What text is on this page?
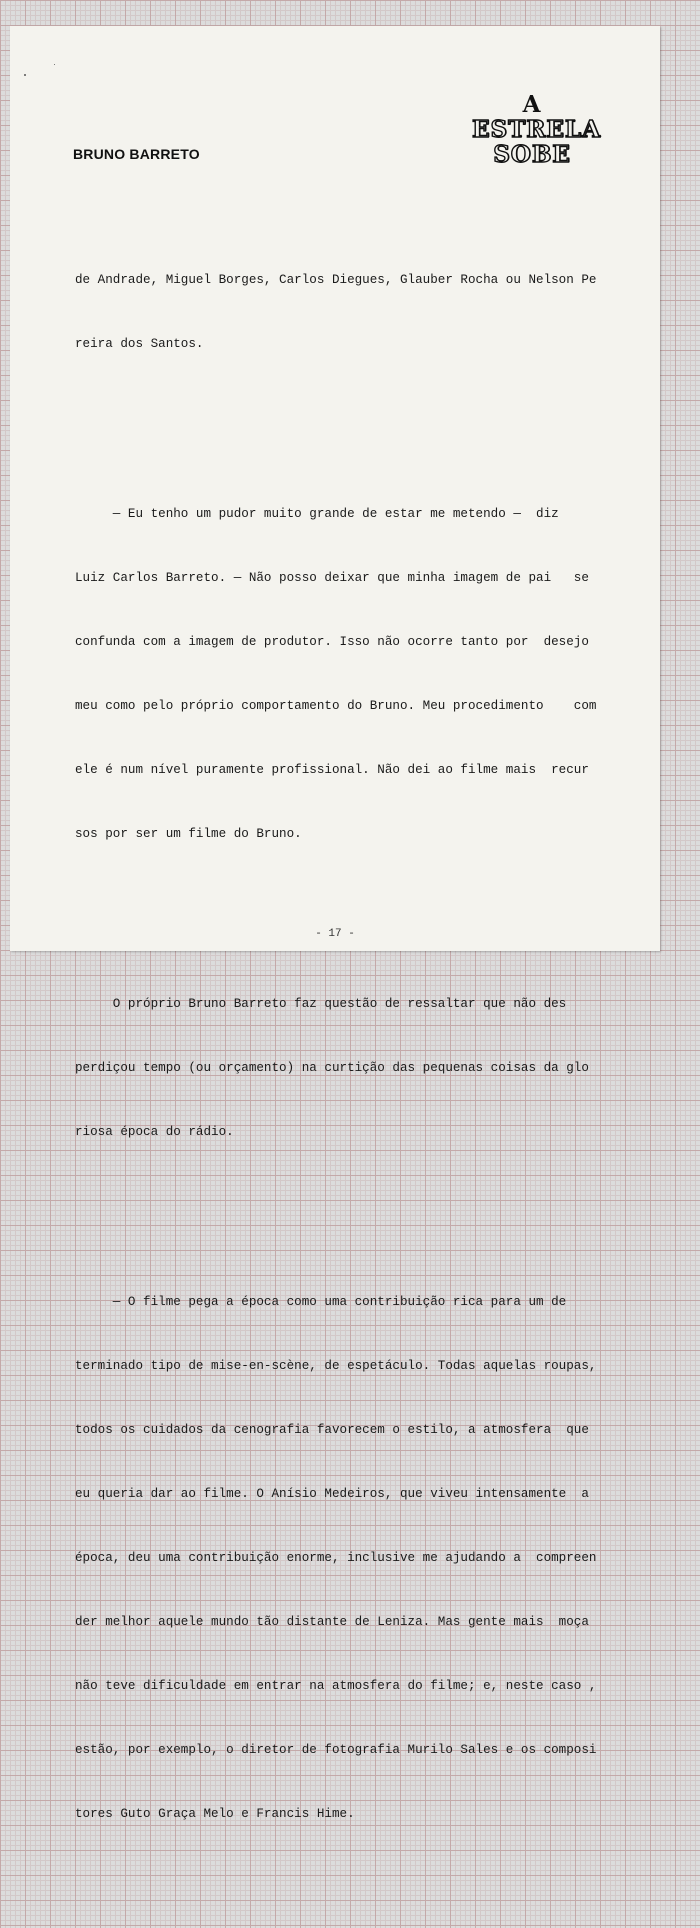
A
ESTRELA
SOBE
BRUNO BARRETO

de Andrade, Miguel Borges, Carlos Diegues, Glauber Rocha ou Nelson Pe

reira dos Santos.

— Eu tenho um pudor muito grande de estar me metendo —  diz

Luiz Carlos Barreto. — Não posso deixar que minha imagem de pai   se

confunda com a imagem de produtor. Isso não ocorre tanto por  desejo

meu como pelo próprio comportamento do Bruno. Meu procedimento    com

ele é num nível puramente profissional. Não dei ao filme mais  recur

sos por ser um filme do Bruno.

O próprio Bruno Barreto faz questão de ressaltar que não des

perdiçou tempo (ou orçamento) na curtição das pequenas coisas da glo

riosa época do rádio.

— O filme pega a época como uma contribuição rica para um de

terminado tipo de mise-en-scène, de espetáculo. Todas aquelas roupas,

todos os cuidados da cenografia favorecem o estilo, a atmosfera  que

eu queria dar ao filme. O Anísio Medeiros, que viveu intensamente  a

época, deu uma contribuição enorme, inclusive me ajudando a  compreen

der melhor aquele mundo tão distante de Leniza. Mas gente mais  moça

não teve dificuldade em entrar na atmosfera do filme; e, neste caso ,

estão, por exemplo, o diretor de fotografia Murilo Sales e os composi

tores Guto Graça Melo e Francis Hime.

- 17 -
